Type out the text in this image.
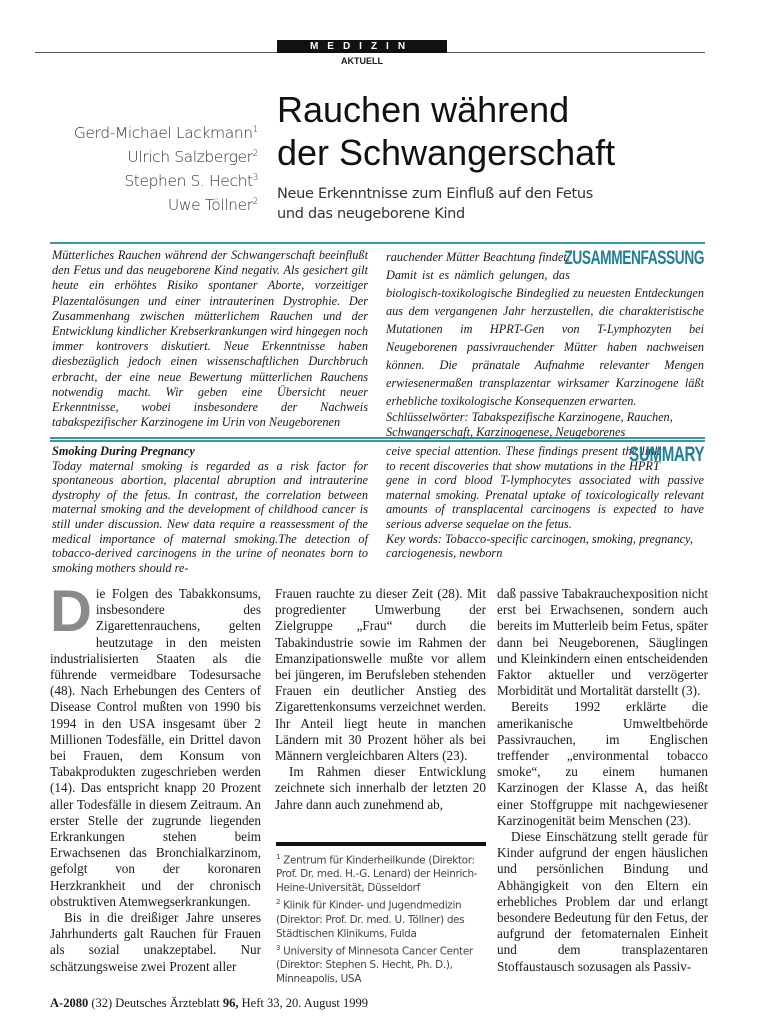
MEDIZIN
AKTUELL
Gerd-Michael Lackmann$^1$
Ulrich Salzberger$^2$
Stephen S. Hecht$^3$
Uwe Töllner$^2$
Rauchen während
der Schwangerschaft
Neue Erkenntnisse zum Einfluß auf den Fetus
und das neugeborene Kind
Mütterliches Rauchen während der Schwangerschaft beeinflußt den Fetus und das neugeborene Kind negativ. Als gesichert gilt heute ein erhöhtes Risiko spontaner Aborte, vorzeitiger Plazentalösungen und einer intrauterinen Dystrophie. Der Zusammenhang zwischen mütterlichem Rauchen und der Entwicklung kindlicher Krebserkrankungen wird hingegen noch immer kontrovers diskutiert. Neue Erkenntnisse haben diesbezüglich jedoch einen wissenschaftlichen Durchbruch erbracht, der eine neue Bewertung mütterlichen Rauchens notwendig macht. Wir geben eine Übersicht neuer Erkenntnisse, wobei insbesondere der Nachweis tabakspezifischer Karzinogene im Urin von Neugeborenen
ZUSAMMENFASSUNG
rauchender Mütter Beachtung findet. Damit ist es nämlich gelungen, das biologisch-toxikologische Bindeglied zu neuesten Entdeckungen aus dem vergangenen Jahr herzustellen, die charakteristische Mutationen im HPRT-Gen von T-Lymphozyten bei Neugeborenen passivrauchender Mütter haben nachweisen können. Die pränatale Aufnahme relevanter Mengen erwiesenermaßen transplazentar wirksamer Karzinogene läßt erhebliche toxikologische Konsequenzen erwarten.
Schlüsselwörter: Tabakspezifische Karzinogene, Rauchen, Schwangerschaft, Karzinogenese, Neugeborenes
Smoking During Pregnancy
Today maternal smoking is regarded as a risk factor for spontaneous abortion, placental abruption and intrauterine dystrophy of the fetus. In contrast, the correlation between maternal smoking and the development of childhood cancer is still under discussion. New data require a reassessment of the medical importance of maternal smoking.The detection of tobacco-derived carcinogens in the urine of neonates born to smoking mothers should re-
SUMMARY
ceive special attention. These findings present the link to recent discoveries that show mutations in the HPRT gene in cord blood T-lymphocytes associated with passive maternal smoking. Prenatal uptake of toxicologically relevant amounts of transplacental carcinogens is expected to have serious adverse sequelae on the fetus.
Key words: Tobacco-specific carcinogen, smoking, pregnancy, carciogenesis, newborn

Die Folgen des Tabakkonsums, insbesondere des Zigarettenrauchens, gelten heutzutage in den meisten industrialisierten Staaten als die führende vermeidbare Todesursache (48). Nach Erhebungen des Centers of Disease Control mußten von 1990 bis 1994 in den USA insgesamt über 2 Millionen Todesfälle, ein Drittel davon bei Frauen, dem Konsum von Tabakprodukten zugeschrieben werden (14). Das entspricht knapp 20 Prozent aller Todesfälle in diesem Zeitraum. An erster Stelle der zugrunde liegenden Erkrankungen stehen beim Erwachsenen das Bronchialkarzinom, gefolgt von der koronaren Herzkrankheit und der chronisch obstruktiven Atemwegserkrankungen.

Bis in die dreißiger Jahre unseres Jahrhunderts galt Rauchen für Frauen als sozial unakzeptabel. Nur schätzungsweise zwei Prozent aller

Frauen rauchte zu dieser Zeit (28). Mit progredienter Umwerbung der Zielgruppe „Frau“ durch die Tabakindustrie sowie im Rahmen der Emanzipationswelle mußte vor allem bei jüngeren, im Berufsleben stehenden Frauen ein deutlicher Anstieg des Zigarettenkonsums verzeichnet werden. Ihr Anteil liegt heute in manchen Ländern mit 30 Prozent höher als bei Männern vergleichbaren Alters (23).

Im Rahmen dieser Entwicklung zeichnete sich innerhalb der letzten 20 Jahre dann auch zunehmend ab,

$^1$ Zentrum für Kinderheilkunde (Direktor: Prof. Dr. med. H.-G. Lenard) der Heinrich-Heine-Universität, Düsseldorf

$^2$ Klinik für Kinder- und Jugendmedizin (Direktor: Prof. Dr. med. U. Töllner) des Städtischen Klinikums, Fulda

$^3$ University of Minnesota Cancer Center (Direktor: Stephen S. Hecht, Ph. D.), Minneapolis, USA

daß passive Tabakrauchexposition nicht erst bei Erwachsenen, sondern auch bereits im Mutterleib beim Fetus, später dann bei Neugeborenen, Säuglingen und Kleinkindern einen entscheidenden Faktor aktueller und verzögerter Morbidität und Mortalität darstellt (3).

Bereits 1992 erklärte die amerikanische Umweltbehörde Passivrauchen, im Englischen treffender „environmental tobacco smoke“, zu einem humanen Karzinogen der Klasse A, das heißt einer Stoffgruppe mit nachgewiesener Karzinogenität beim Menschen (23).

Diese Einschätzung stellt gerade für Kinder aufgrund der engen häuslichen und persönlichen Bindung und Abhängigkeit von den Eltern ein erhebliches Problem dar und erlangt besondere Bedeutung für den Fetus, der aufgrund der fetomaternalen Einheit und dem transplazentaren Stoffaustausch sozusagen als Passiv-

A-2080 (32) Deutsches Ärzteblatt 96, Heft 33, 20. August 1999
